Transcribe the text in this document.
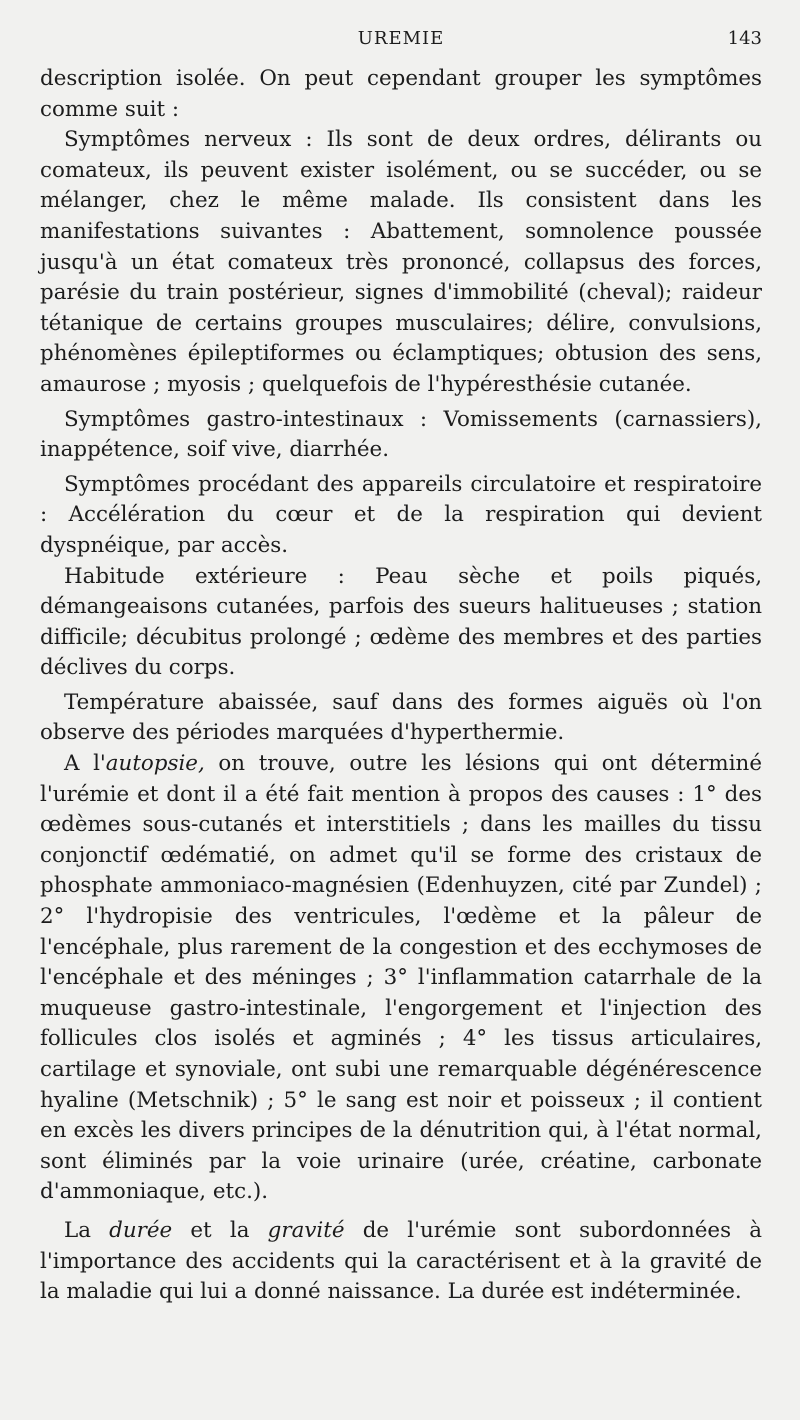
UREMIE	143

description isolée. On peut cependant grouper les symptômes comme suit :

Symptômes nerveux : Ils sont de deux ordres, délirants ou comateux, ils peuvent exister isolément, ou se succéder, ou se mélanger, chez le même malade. Ils consistent dans les manifestations suivantes : Abattement, somnolence poussée jusqu'à un état comateux très prononcé, collapsus des forces, parésie du train postérieur, signes d'immobilité (cheval); raideur tétanique de certains groupes musculaires; délire, convulsions, phénomènes épileptiformes ou éclamptiques; obtusion des sens, amaurose ; myosis ; quelquefois de l'hypéresthésie cutanée.

Symptômes gastro-intestinaux : Vomissements (carnassiers), inappétence, soif vive, diarrhée.

Symptômes procédant des appareils circulatoire et respiratoire : Accélération du cœur et de la respiration qui devient dyspnéique, par accès.

Habitude extérieure : Peau sèche et poils piqués, démangeaisons cutanées, parfois des sueurs halitueuses ; station difficile; décubitus prolongé ; œdème des membres et des parties déclives du corps.

Température abaissée, sauf dans des formes aiguës où l'on observe des périodes marquées d'hyperthermie.

A l'autopsie, on trouve, outre les lésions qui ont déterminé l'urémie et dont il a été fait mention à propos des causes : 1° des œdèmes sous-cutanés et interstitiels ; dans les mailles du tissu conjonctif œdématié, on admet qu'il se forme des cristaux de phosphate ammoniaco-magnésien (Edenhuyzen, cité par Zundel) ; 2° l'hydropisie des ventricules, l'œdème et la pâleur de l'encéphale, plus rarement de la congestion et des ecchymoses de l'encéphale et des méninges ; 3° l'inflammation catarrhale de la muqueuse gastro-intestinale, l'engorgement et l'injection des follicules clos isolés et agminés ; 4° les tissus articulaires, cartilage et synoviale, ont subi une remarquable dégénérescence hyaline (Metschnik) ; 5° le sang est noir et poisseux ; il contient en excès les divers principes de la dénutrition qui, à l'état normal, sont éliminés par la voie urinaire (urée, créatine, carbonate d'ammoniaque, etc.).

La durée et la gravité de l'urémie sont subordonnées à l'importance des accidents qui la caractérisent et à la gravité de la maladie qui lui a donné naissance. La durée est indéterminée.
